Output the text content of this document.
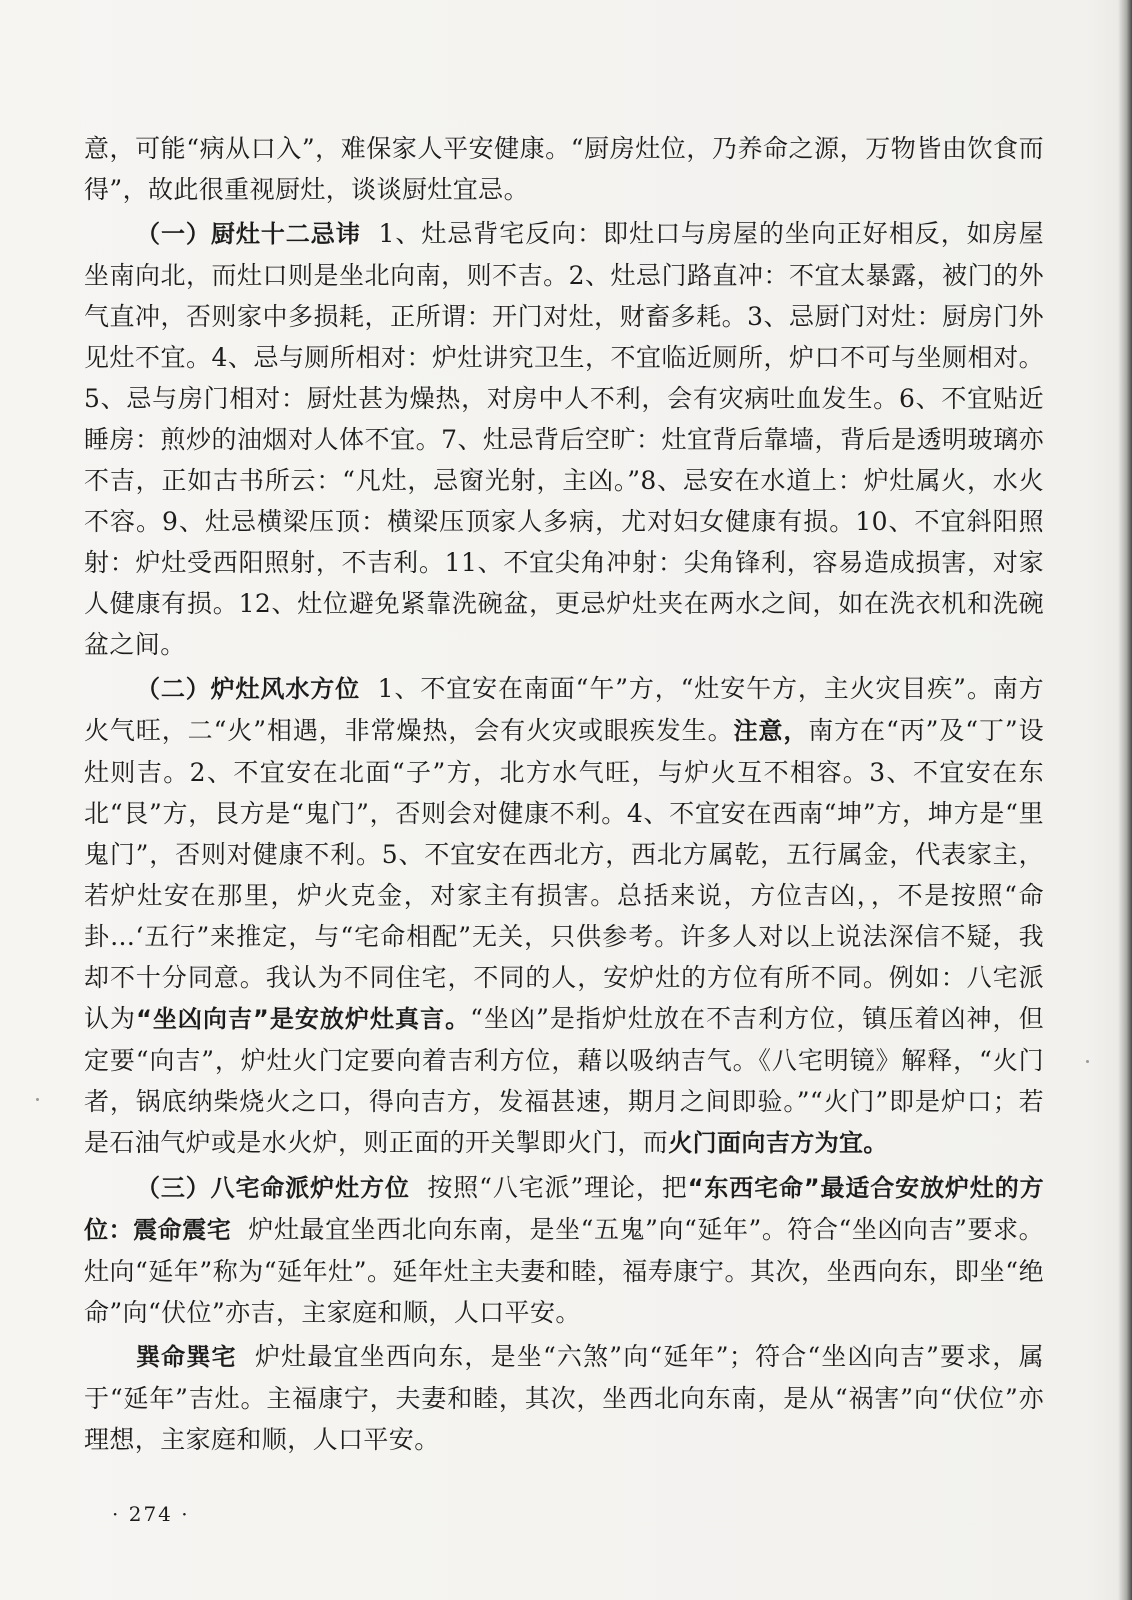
意，可能“病从口入”，难保家人平安健康。“厨房灶位，乃养命之源，万物皆由饮食而得”，故此很重视厨灶，谈谈厨灶宜忌。

（一）厨灶十二忌讳 1、灶忌背宅反向：即灶口与房屋的坐向正好相反，如房屋坐南向北，而灶口则是坐北向南，则不吉。2、灶忌门路直冲：不宜太暴露，被门的外气直冲，否则家中多损耗，正所谓：开门对灶，财畜多耗。3、忌厨门对灶：厨房门外见灶不宜。4、忌与厕所相对：炉灶讲究卫生，不宜临近厕所，炉口不可与坐厕相对。5、忌与房门相对：厨灶甚为燥热，对房中人不利，会有灾病吐血发生。6、不宜贴近睡房：煎炒的油烟对人体不宜。7、灶忌背后空旷：灶宜背后靠墙，背后是透明玻璃亦不吉，正如古书所云：“凡灶，忌窗光射，主凶。”8、忌安在水道上：炉灶属火，水火不容。9、灶忌横梁压顶：横梁压顶家人多病，尤对妇女健康有损。10、不宜斜阳照射：炉灶受西阳照射，不吉利。11、不宜尖角冲射：尖角锋利，容易造成损害，对家人健康有损。12、灶位避免紧靠洗碗盆，更忌炉灶夹在两水之间，如在洗衣机和洗碗盆之间。

（二）炉灶风水方位 1、不宜安在南面“午”方，“灶安午方，主火灾目疾”。南方火气旺，二“火”相遇，非常燥热，会有火灾或眼疾发生。注意，南方在“丙”及“丁”设灶则吉。2、不宜安在北面“子”方，北方水气旺，与炉火互不相容。3、不宜安在东北“艮”方，艮方是“鬼门”，否则会对健康不利。4、不宜安在西南“坤”方，坤方是“里鬼门”，否则对健康不利。5、不宜安在西北方，西北方属乾，五行属金，代表家主，若炉灶安在那里，炉火克金，对家主有损害。总括来说，方位吉凶，，不是按照“命卦…‘五行”来推定，与“宅命相配”无关，只供参考。许多人对以上说法深信不疑，我却不十分同意。我认为不同住宅，不同的人，安炉灶的方位有所不同。例如：八宅派认为“坐凶向吉”是安放炉灶真言。“坐凶”是指炉灶放在不吉利方位，镇压着凶神，但定要“向吉”，炉灶火门定要向着吉利方位，藉以吸纳吉气。《八宅明镜》解释，“火门者，锅底纳柴烧火之口，得向吉方，发福甚速，期月之间即验。”“火门”即是炉口；若是石油气炉或是水火炉，则正面的开关掣即火门，而火门面向吉方为宜。

（三）八宅命派炉灶方位 按照“八宅派”理论，把“东西宅命”最适合安放炉灶的方位：震命震宅 炉灶最宜坐西北向东南，是坐“五鬼”向“延年”。符合“坐凶向吉”要求。灶向“延年”称为“延年灶”。延年灶主夫妻和睦，福寿康宁。其次，坐西向东，即坐“绝命”向“伏位”亦吉，主家庭和顺，人口平安。

巽命巽宅 炉灶最宜坐西向东，是坐“六煞”向“延年”；符合“坐凶向吉”要求，属于“延年”吉灶。主福康宁，夫妻和睦，其次，坐西北向东南，是从“祸害”向“伏位”亦理想，主家庭和顺，人口平安。

· 274 ·
